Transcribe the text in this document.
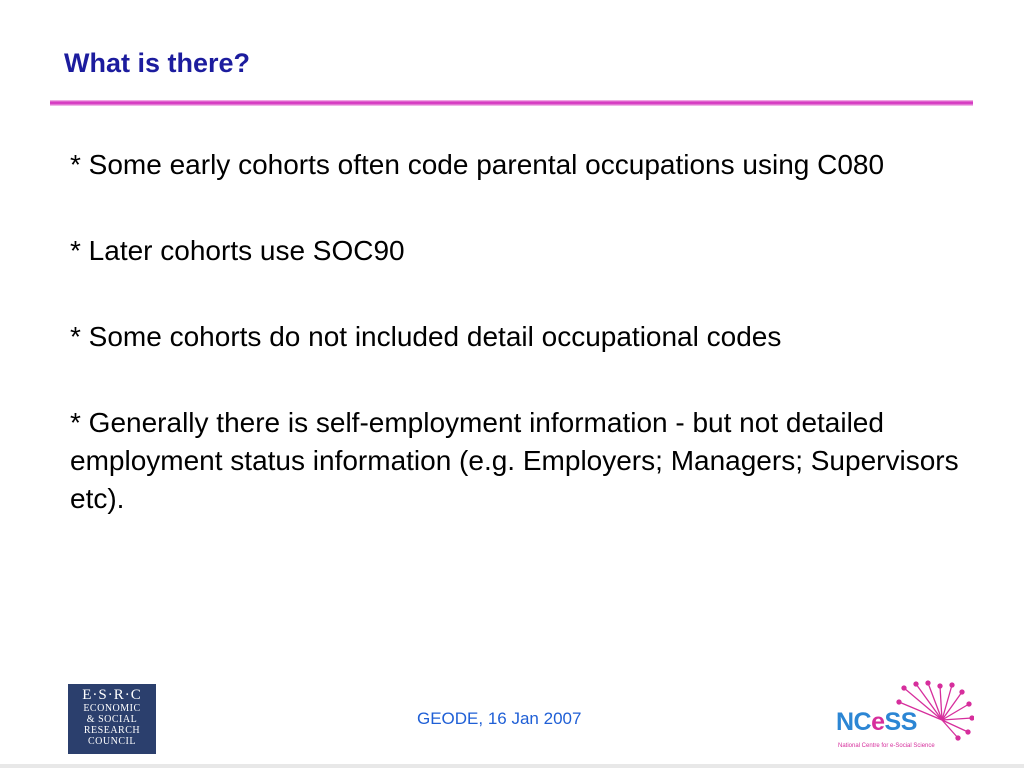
What is there?

* Some early cohorts often code parental occupations using C080

* Later cohorts use SOC90

* Some cohorts do not included detail occupational codes

* Generally there is self-employment information - but not detailed employment status information (e.g. Employers; Managers; Supervisors etc).

E·S·R·C
ECONOMIC
& SOCIAL
RESEARCH
COUNCIL
GEODE, 16 Jan 2007	NCeSS
National Centre for e-Social Science
